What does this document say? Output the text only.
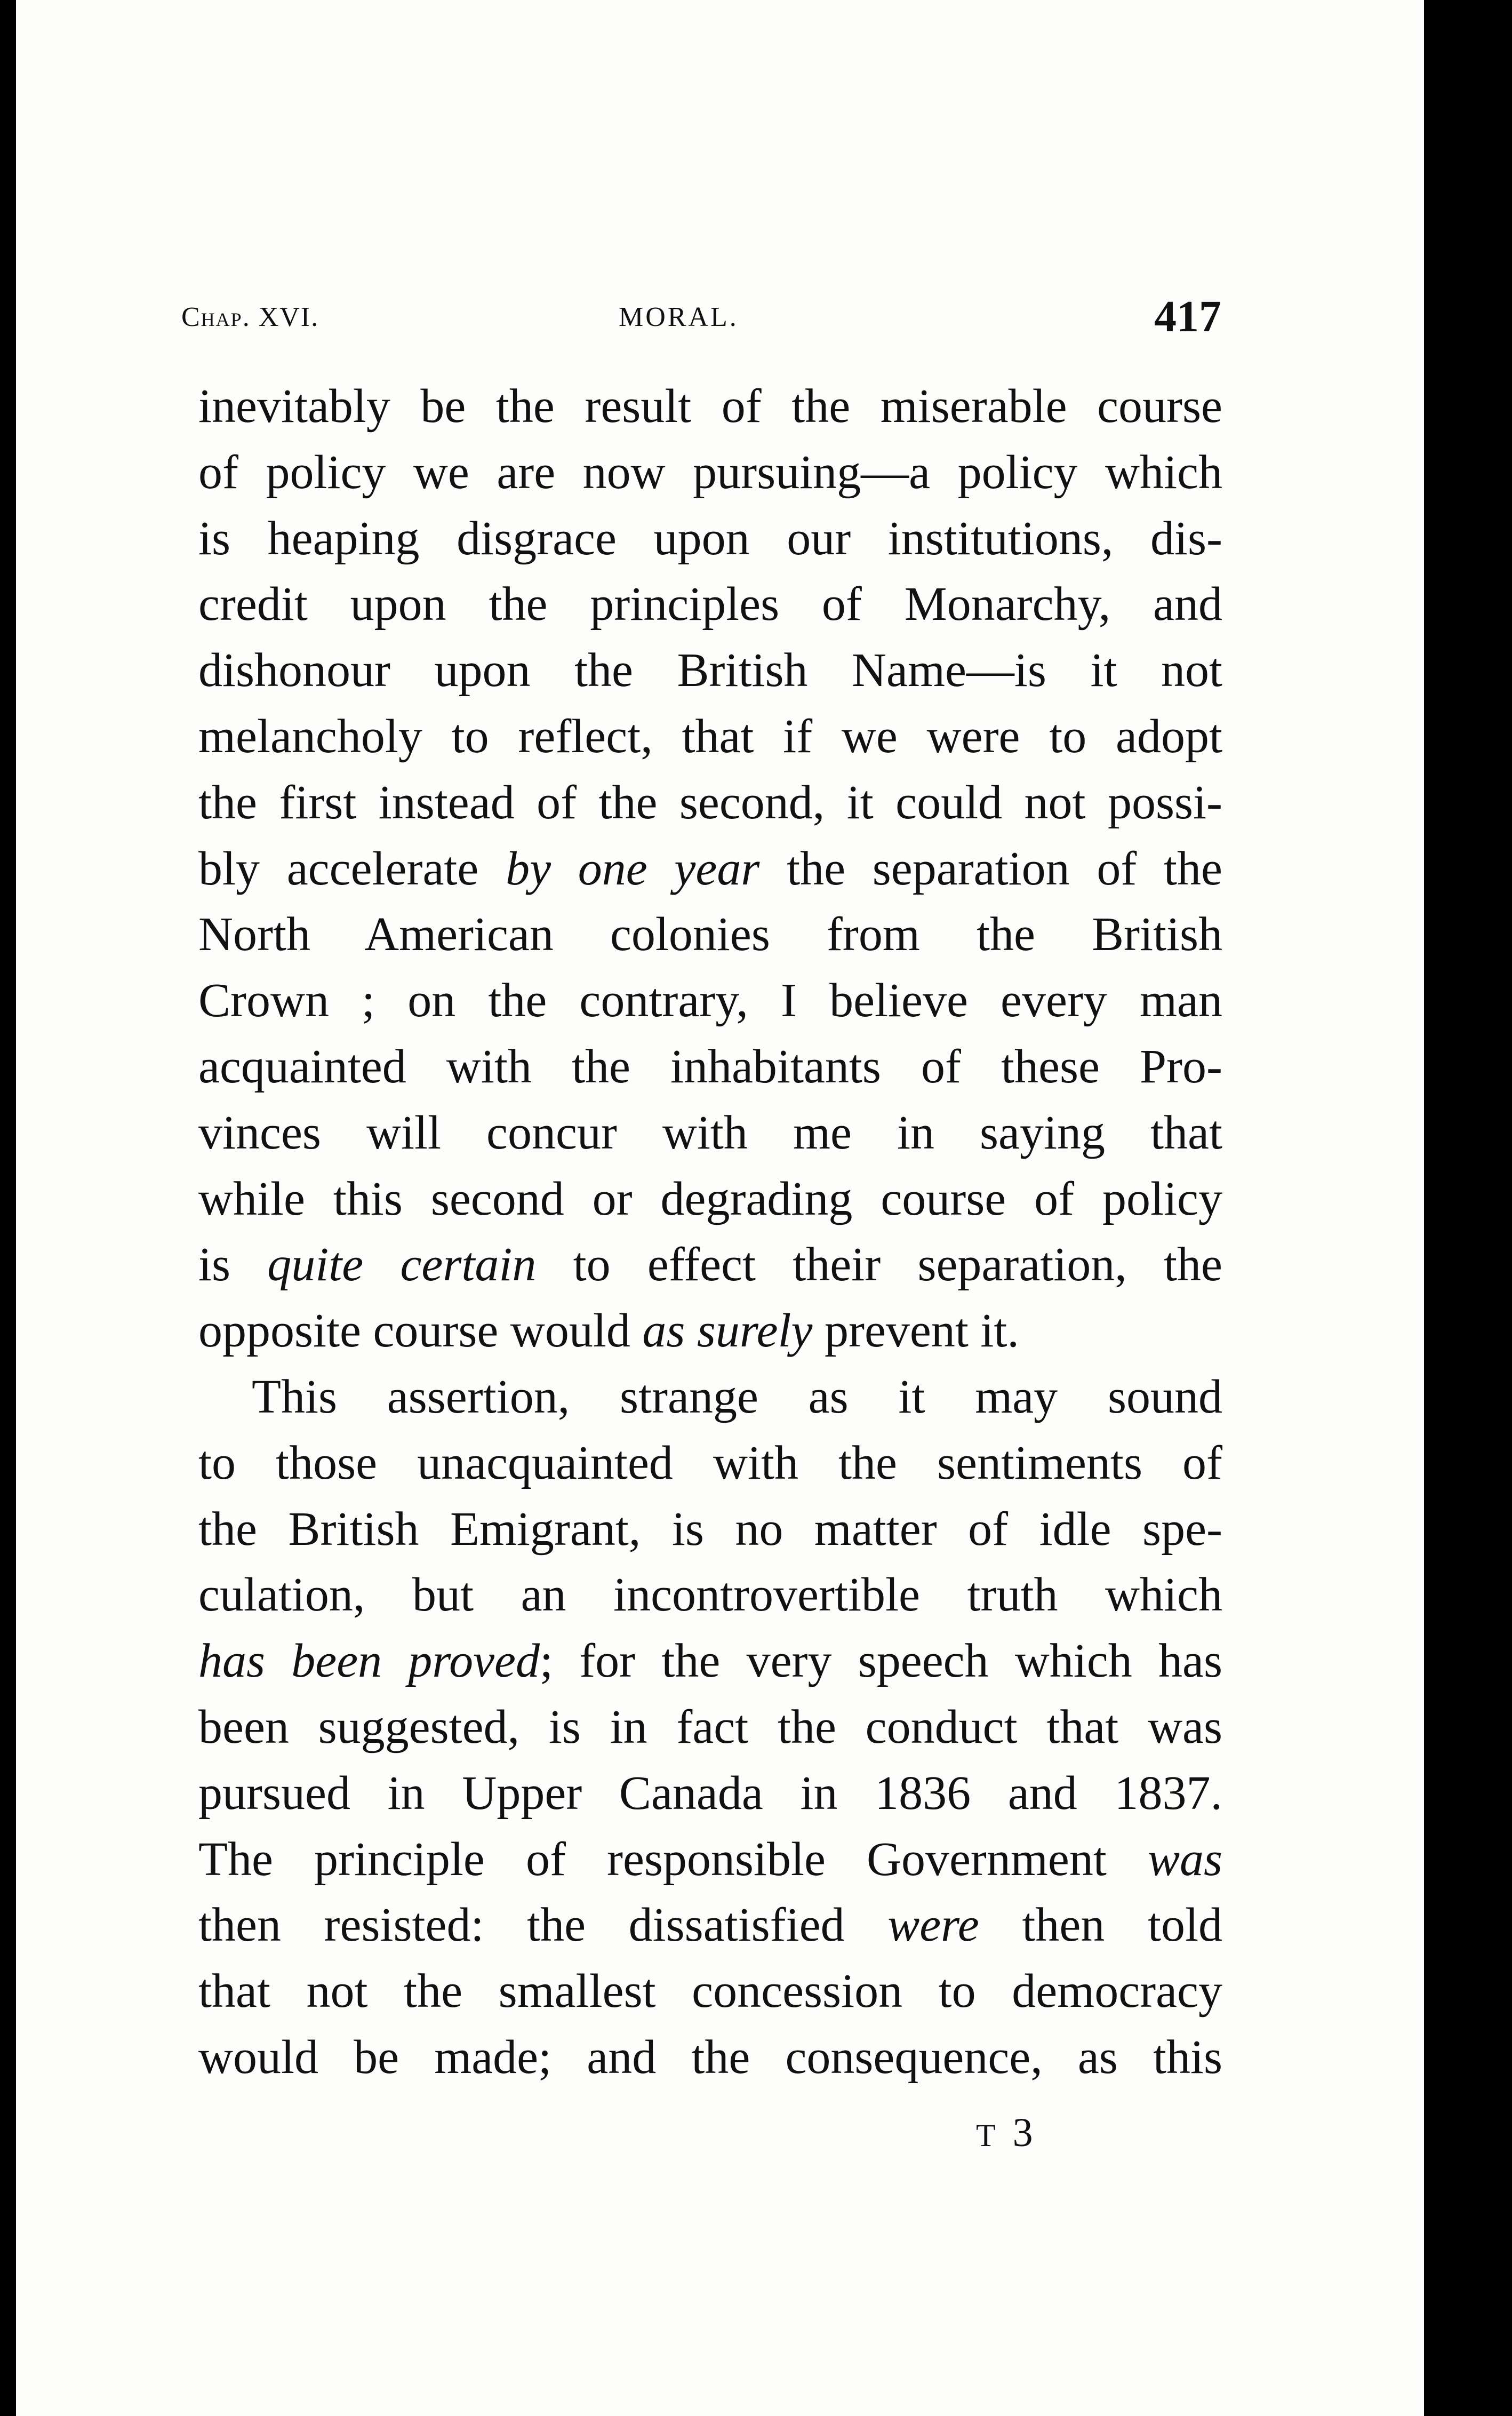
Chap. XVI.	MORAL.	417
inevitably be the result of the miserable course
of policy we are now pursuing—a policy which
is heaping disgrace upon our institutions, dis-
credit upon the principles of Monarchy, and
dishonour upon the British Name—is it not
melancholy to reflect, that if we were to adopt
the first instead of the second, it could not possi-
bly accelerate by one year the separation of the
North American colonies from the British
Crown ; on the contrary, I believe every man
acquainted with the inhabitants of these Pro-
vinces will concur with me in saying that
while this second or degrading course of policy
is quite certain to effect their separation, the
opposite course would as surely prevent it.
This assertion, strange as it may sound
to those unacquainted with the sentiments of
the British Emigrant, is no matter of idle spe-
culation, but an incontrovertible truth which
has been proved; for the very speech which has
been suggested, is in fact the conduct that was
pursued in Upper Canada in 1836 and 1837.
The principle of responsible Government was
then resisted: the dissatisfied were then told
that not the smallest concession to democracy
would be made; and the consequence, as this
T 3
